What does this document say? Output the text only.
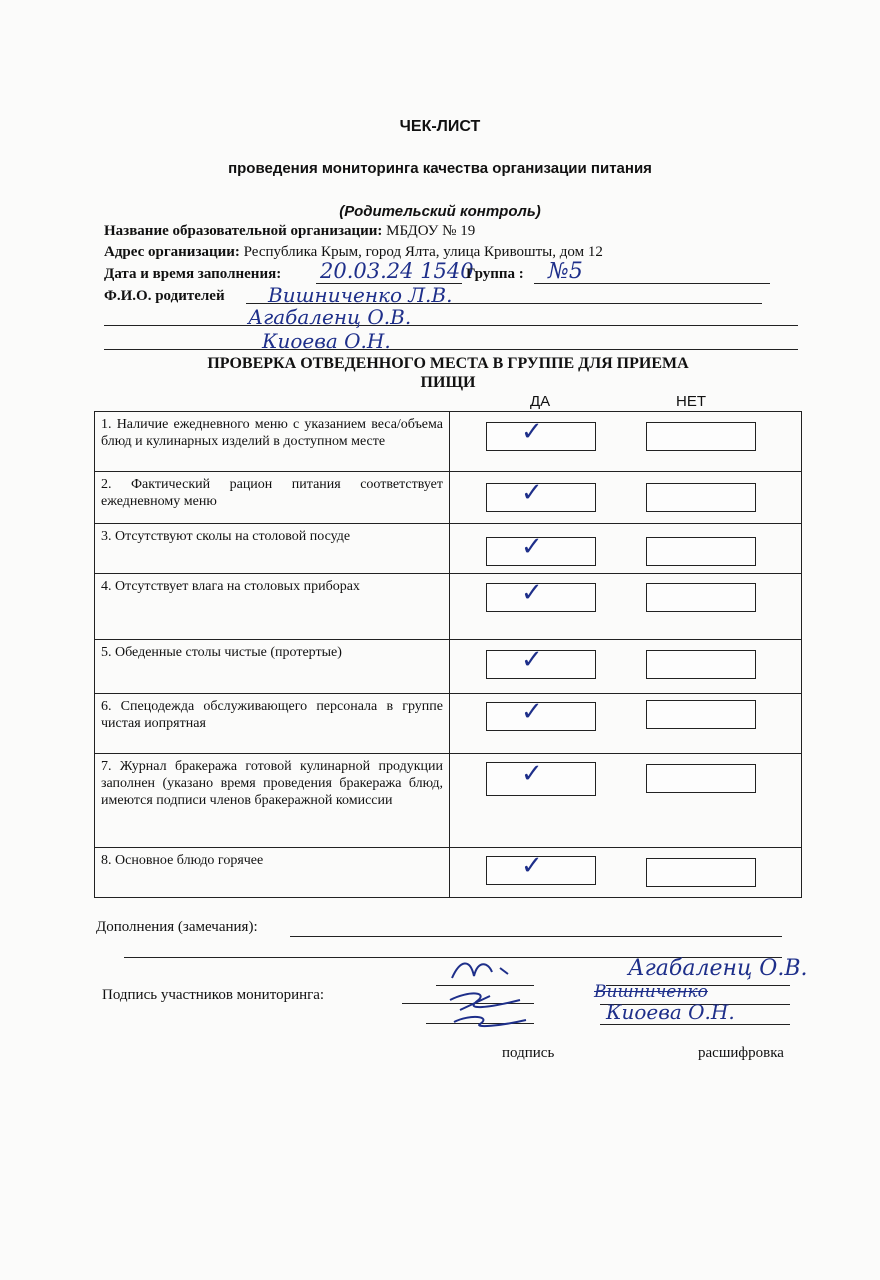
ЧЕК-ЛИСТ
проведения мониторинга качества организации питания
(Родительский контроль)
Название образовательной организации: МБДОУ № 19
Адрес организации: Республика Крым, город Ялта, улица Кривошты, дом 12
Дата и время заполнения: 20.03.24 1540
Группа : №5
Ф.И.О. родителей Вишниченко Л.В.
Агабаленц О.В.
Киоева О.Н.
ПРОВЕРКА ОТВЕДЕННОГО МЕСТА В ГРУППЕ ДЛЯ ПРИЕМА
ПИЩИ
ДА	НЕТ
1. Наличие ежедневного меню с указанием веса/объема блюд и кулинарных изделий в доступном месте	✓

2. Фактический рацион питания соответствует ежедневному меню	✓

3. Отсутствуют сколы на столовой посуде	✓

4. Отсутствует влага на столовых приборах	✓

5. Обеденные столы чистые (протертые)	✓

6. Спецодежда обслуживающего персонала в группе чистая иопрятная	✓

7. Журнал бракеража готовой кулинарной продукции заполнен (указано время проведения бракеража блюд, имеются подписи членов бракеражной комиссии	✓

8. Основное блюдо горячее	✓
Дополнения (замечания):
Подпись участников мониторинга:
Агабаленц О.В.
Вишниченко
Киоева О.Н.
подпись	расшифровка
